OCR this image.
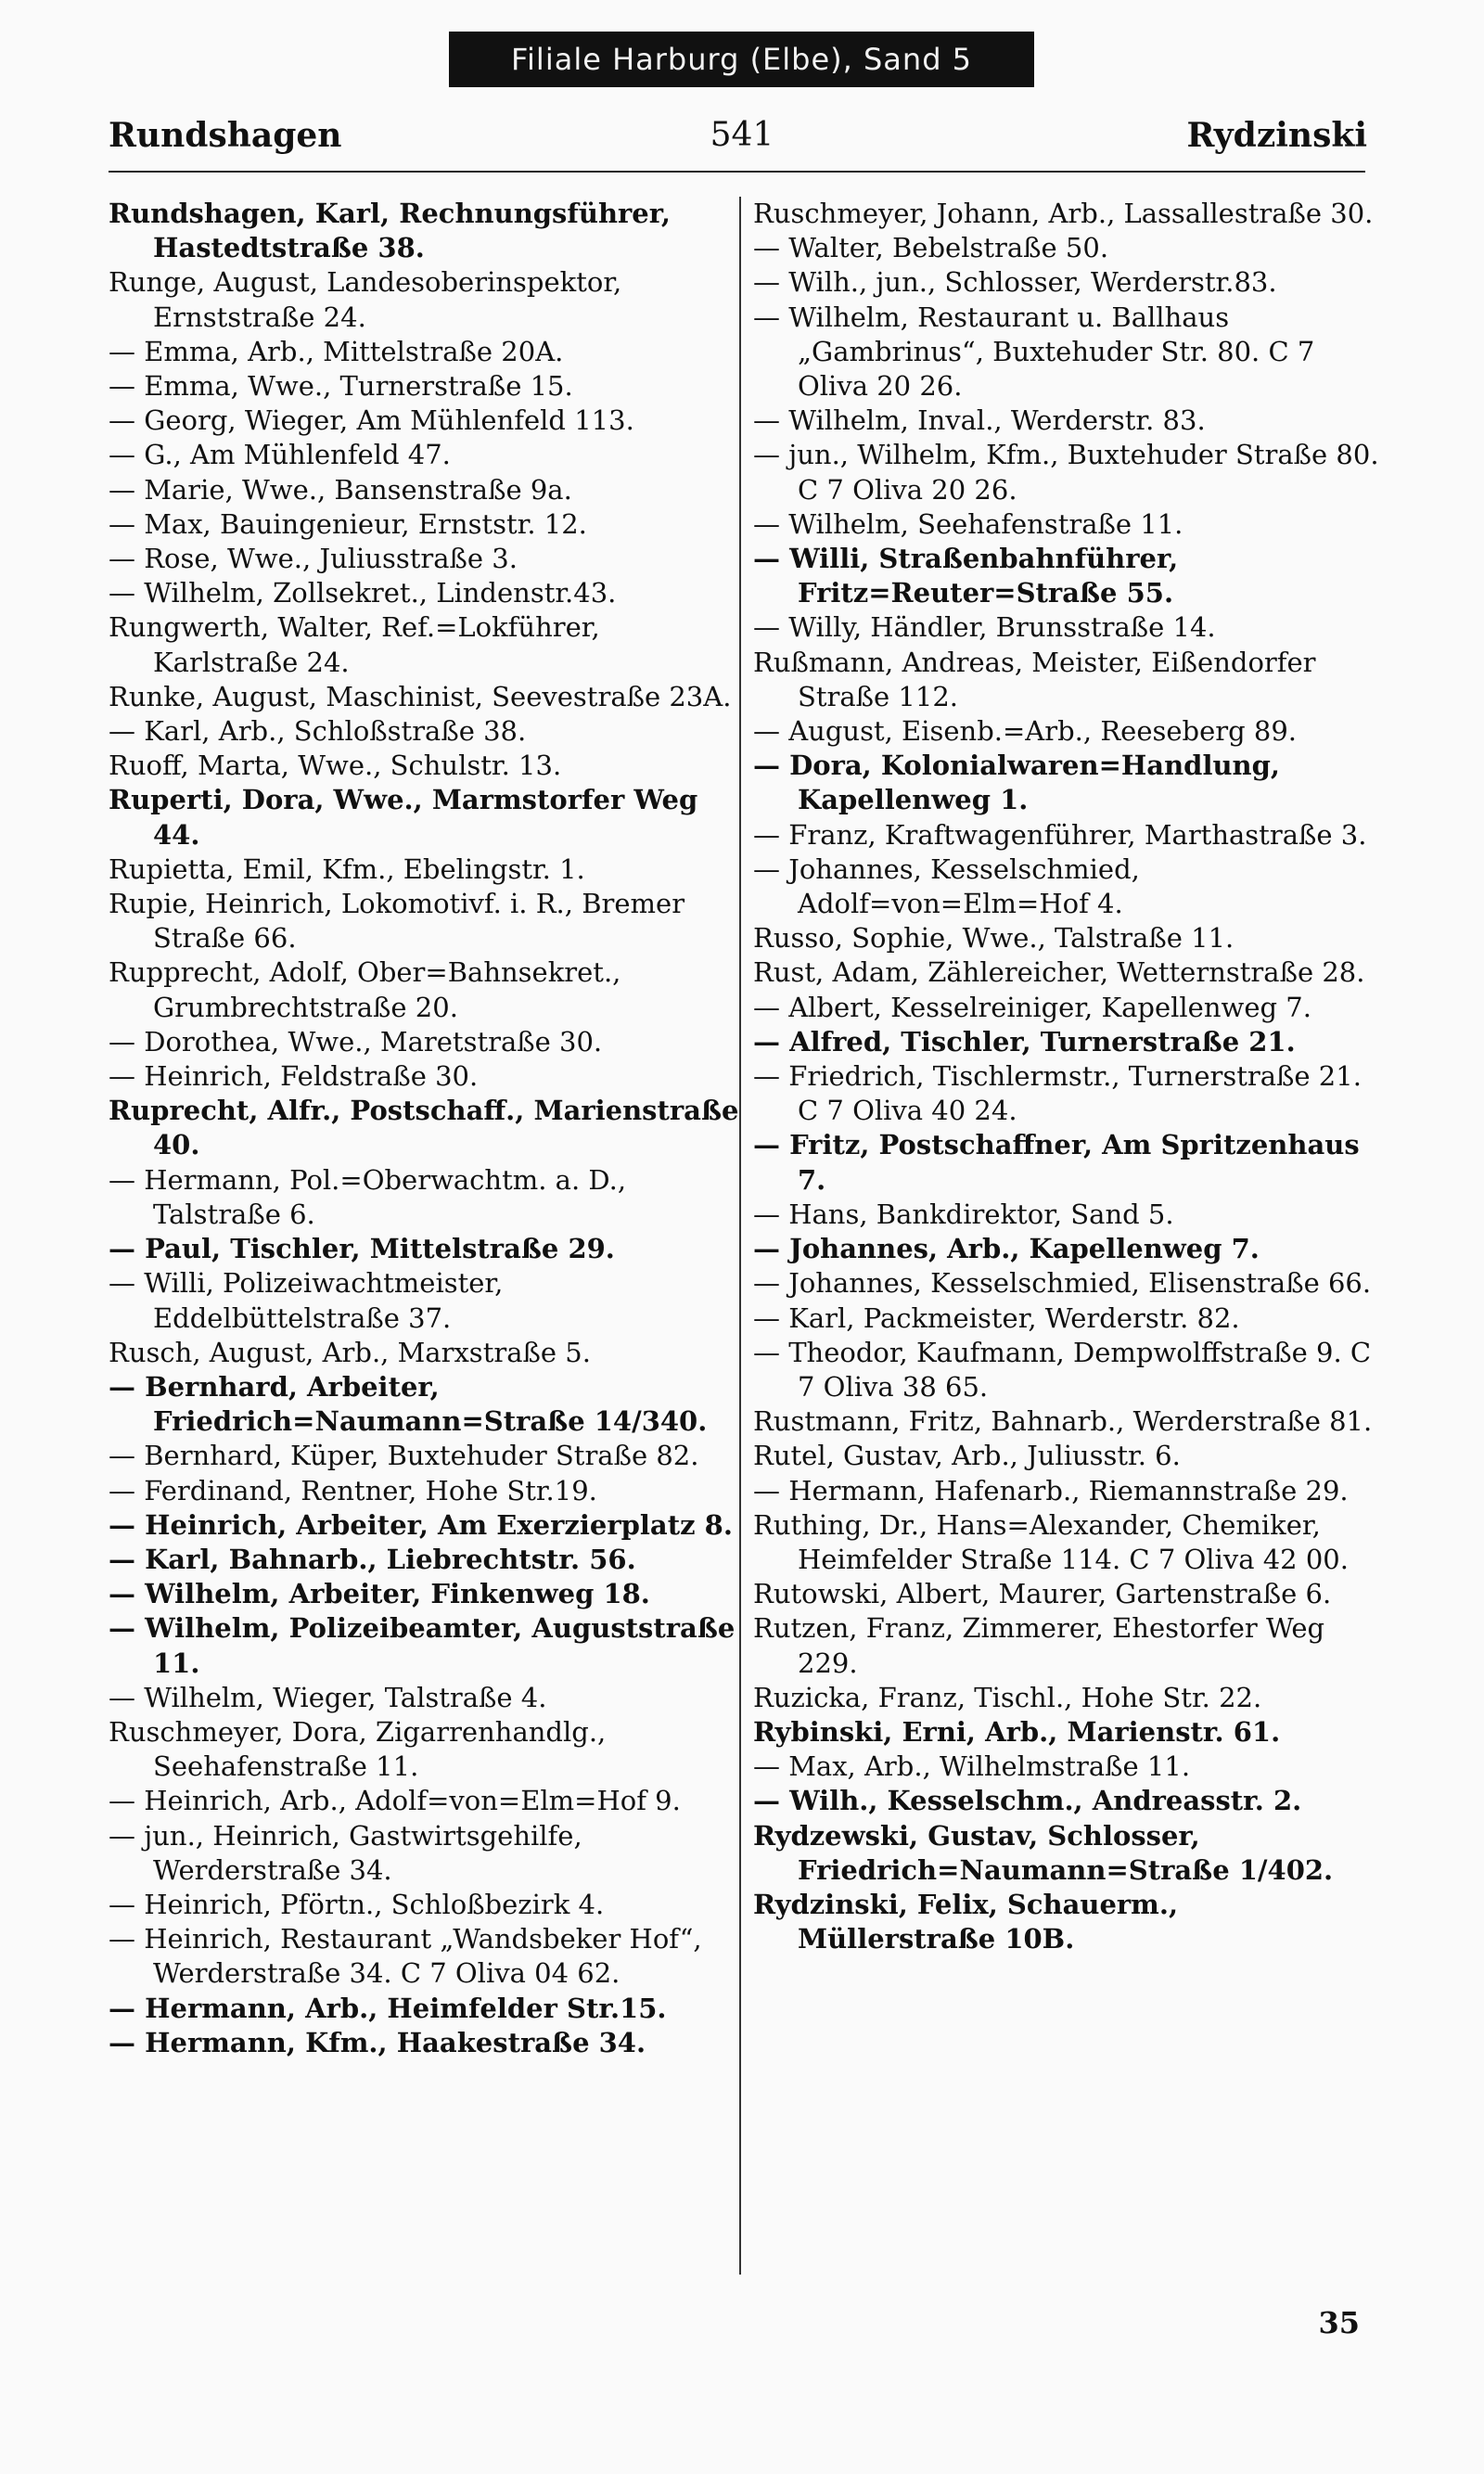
Filiale Harburg (Elbe), Sand 5
Rundshagen	541	Rydzinski

Rundshagen, Karl, Rechnungsführer, Hastedtstraße 38.

Runge, August, Landesoberinspektor, Ernststraße 24.

— Emma, Arb., Mittelstraße 20A.

— Emma, Wwe., Turnerstraße 15.

— Georg, Wieger, Am Mühlenfeld 113.

— G., Am Mühlenfeld 47.

— Marie, Wwe., Bansenstraße 9a.

— Max, Bauingenieur, Ernststr. 12.

— Rose, Wwe., Juliusstraße 3.

— Wilhelm, Zollsekret., Lindenstr.43.

Rungwerth, Walter, Ref.=Lokführer, Karlstraße 24.

Runke, August, Maschinist, Seevestraße 23A.

— Karl, Arb., Schloßstraße 38.

Ruoff, Marta, Wwe., Schulstr. 13.

Ruperti, Dora, Wwe., Marmstorfer Weg 44.

Rupietta, Emil, Kfm., Ebelingstr. 1.

Rupie, Heinrich, Lokomotivf. i. R., Bremer Straße 66.

Rupprecht, Adolf, Ober=Bahnsekret., Grumbrechtstraße 20.

— Dorothea, Wwe., Maretstraße 30.

— Heinrich, Feldstraße 30.

Ruprecht, Alfr., Postschaff., Marienstraße 40.

— Hermann, Pol.=Oberwachtm. a. D., Talstraße 6.

— Paul, Tischler, Mittelstraße 29.

— Willi, Polizeiwachtmeister, Eddelbüttelstraße 37.

Rusch, August, Arb., Marxstraße 5.

— Bernhard, Arbeiter, Friedrich=Naumann=Straße 14/340.

— Bernhard, Küper, Buxtehuder Straße 82.

— Ferdinand, Rentner, Hohe Str.19.

— Heinrich, Arbeiter, Am Exerzierplatz 8.

— Karl, Bahnarb., Liebrechtstr. 56.

— Wilhelm, Arbeiter, Finkenweg 18.

— Wilhelm, Polizeibeamter, Auguststraße 11.

— Wilhelm, Wieger, Talstraße 4.

Ruschmeyer, Dora, Zigarrenhandlg., Seehafenstraße 11.

— Heinrich, Arb., Adolf=von=Elm=Hof 9.

— jun., Heinrich, Gastwirtsgehilfe, Werderstraße 34.

— Heinrich, Pförtn., Schloßbezirk 4.

— Heinrich, Restaurant „Wandsbeker Hof“, Werderstraße 34. C 7 Oliva 04 62.

— Hermann, Arb., Heimfelder Str.15.

— Hermann, Kfm., Haakestraße 34.

Ruschmeyer, Johann, Arb., Lassallestraße 30.

— Walter, Bebelstraße 50.

— Wilh., jun., Schlosser, Werderstr.83.

— Wilhelm, Restaurant u. Ballhaus „Gambrinus“, Buxtehuder Str. 80. C 7 Oliva 20 26.

— Wilhelm, Inval., Werderstr. 83.

— jun., Wilhelm, Kfm., Buxtehuder Straße 80. C 7 Oliva 20 26.

— Wilhelm, Seehafenstraße 11.

— Willi, Straßenbahnführer, Fritz=Reuter=Straße 55.

— Willy, Händler, Brunsstraße 14.

Rußmann, Andreas, Meister, Eißendorfer Straße 112.

— August, Eisenb.=Arb., Reeseberg 89.

— Dora, Kolonialwaren=Handlung, Kapellenweg 1.

— Franz, Kraftwagenführer, Marthastraße 3.

— Johannes, Kesselschmied, Adolf=von=Elm=Hof 4.

Russo, Sophie, Wwe., Talstraße 11.

Rust, Adam, Zählereicher, Wetternstraße 28.

— Albert, Kesselreiniger, Kapellenweg 7.

— Alfred, Tischler, Turnerstraße 21.

— Friedrich, Tischlermstr., Turnerstraße 21. C 7 Oliva 40 24.

— Fritz, Postschaffner, Am Spritzenhaus 7.

— Hans, Bankdirektor, Sand 5.

— Johannes, Arb., Kapellenweg 7.

— Johannes, Kesselschmied, Elisenstraße 66.

— Karl, Packmeister, Werderstr. 82.

— Theodor, Kaufmann, Dempwolffstraße 9. C 7 Oliva 38 65.

Rustmann, Fritz, Bahnarb., Werderstraße 81.

Rutel, Gustav, Arb., Juliusstr. 6.

— Hermann, Hafenarb., Riemannstraße 29.

Ruthing, Dr., Hans=Alexander, Chemiker, Heimfelder Straße 114. C 7 Oliva 42 00.

Rutowski, Albert, Maurer, Gartenstraße 6.

Rutzen, Franz, Zimmerer, Ehestorfer Weg 229.

Ruzicka, Franz, Tischl., Hohe Str. 22.

Rybinski, Erni, Arb., Marienstr. 61.

— Max, Arb., Wilhelmstraße 11.

— Wilh., Kesselschm., Andreasstr. 2.

Rydzewski, Gustav, Schlosser, Friedrich=Naumann=Straße 1/402.

Rydzinski, Felix, Schauerm., Müllerstraße 10B.

35
